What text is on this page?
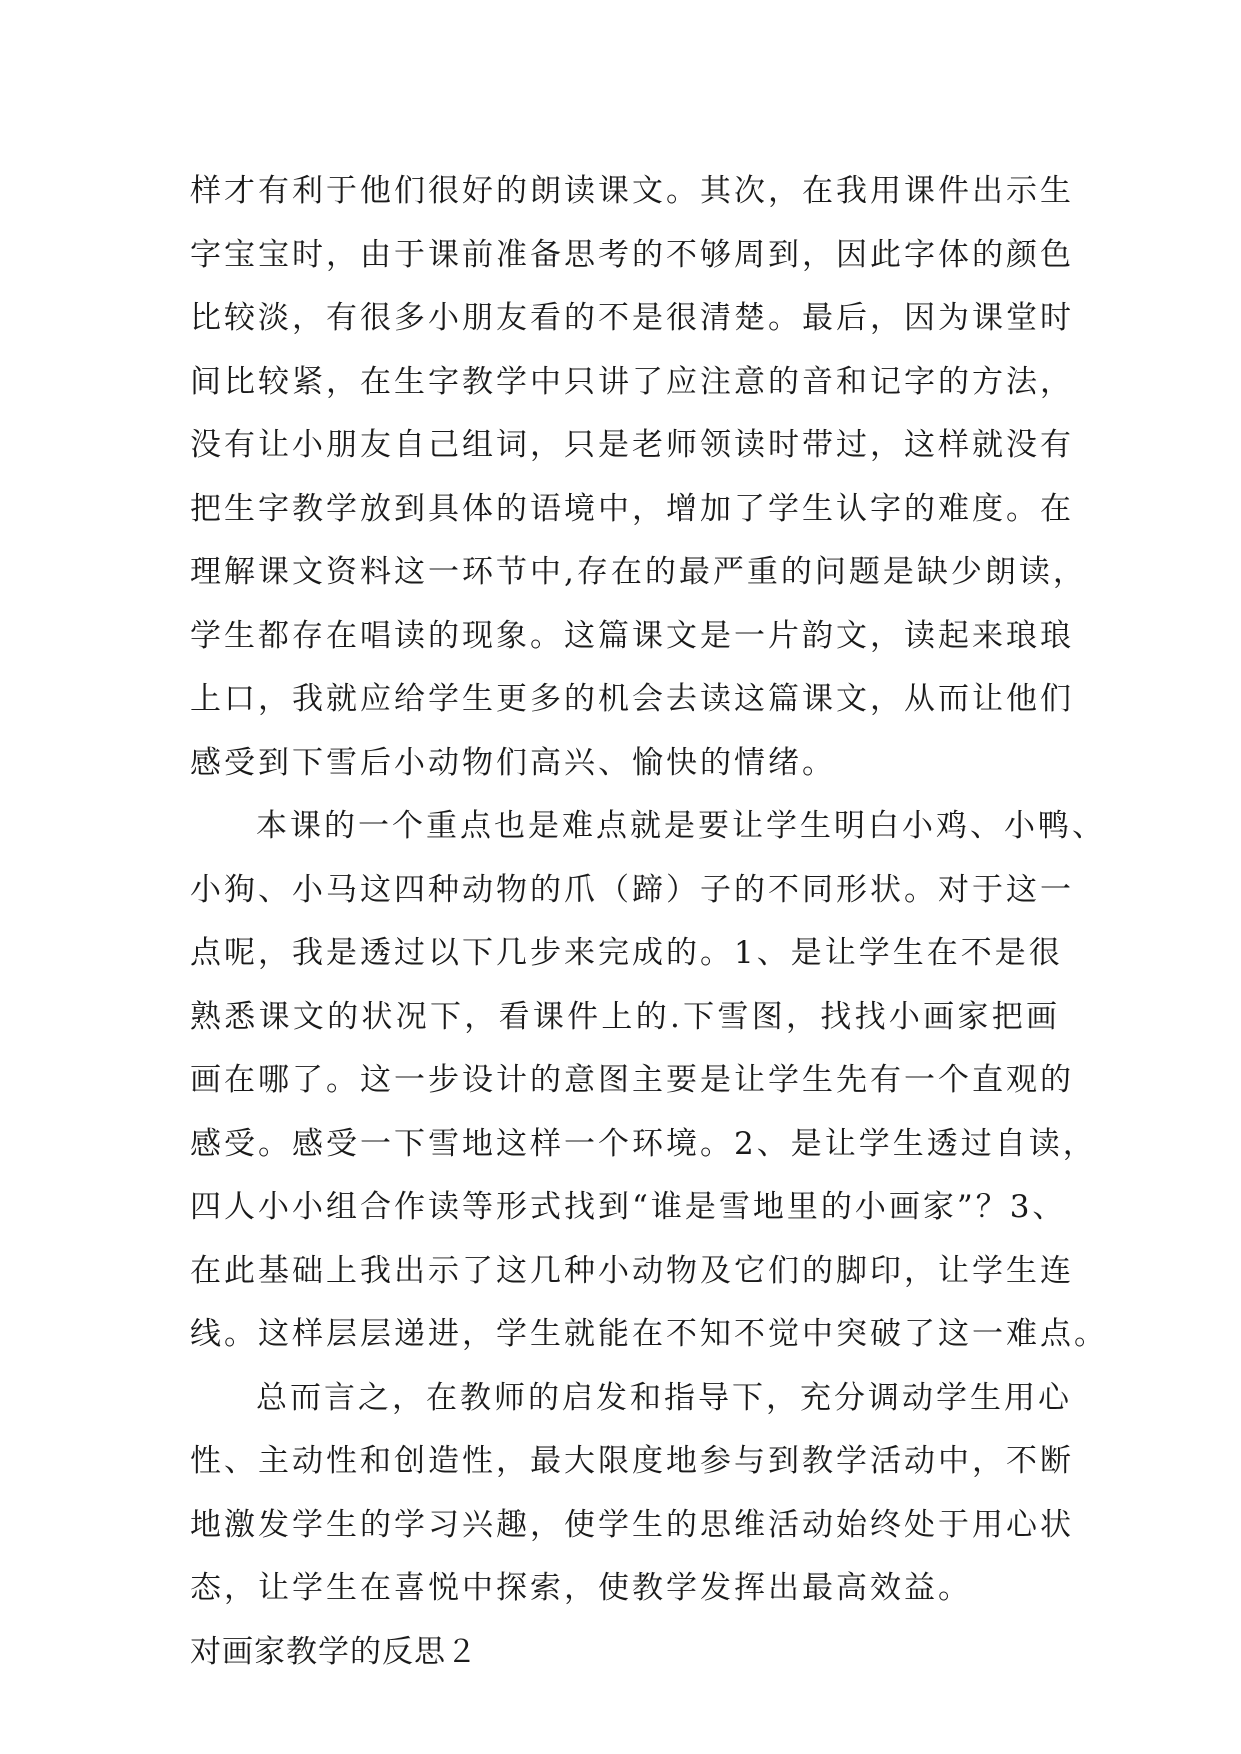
样才有利于他们很好的朗读课文。其次，在我用课件出示生
字宝宝时，由于课前准备思考的不够周到，因此字体的颜色
比较淡，有很多小朋友看的不是很清楚。最后，因为课堂时
间比较紧，在生字教学中只讲了应注意的音和记字的方法，
没有让小朋友自己组词，只是老师领读时带过，这样就没有
把生字教学放到具体的语境中，增加了学生认字的难度。在
理解课文资料这一环节中,存在的最严重的问题是缺少朗读，
学生都存在唱读的现象。这篇课文是一片韵文，读起来琅琅
上口，我就应给学生更多的机会去读这篇课文，从而让他们
感受到下雪后小动物们高兴、愉快的情绪。
本课的一个重点也是难点就是要让学生明白小鸡、小鸭、
小狗、小马这四种动物的爪（蹄）子的不同形状。对于这一
点呢，我是透过以下几步来完成的。1、是让学生在不是很
熟悉课文的状况下，看课件上的.下雪图，找找小画家把画
画在哪了。这一步设计的意图主要是让学生先有一个直观的
感受。感受一下雪地这样一个环境。2、是让学生透过自读，
四人小小组合作读等形式找到“谁是雪地里的小画家”？3、
在此基础上我出示了这几种小动物及它们的脚印，让学生连
线。这样层层递进，学生就能在不知不觉中突破了这一难点。
总而言之，在教师的启发和指导下，充分调动学生用心
性、主动性和创造性，最大限度地参与到教学活动中，不断
地激发学生的学习兴趣，使学生的思维活动始终处于用心状
态，让学生在喜悦中探索，使教学发挥出最高效益。
对画家教学的反思２
